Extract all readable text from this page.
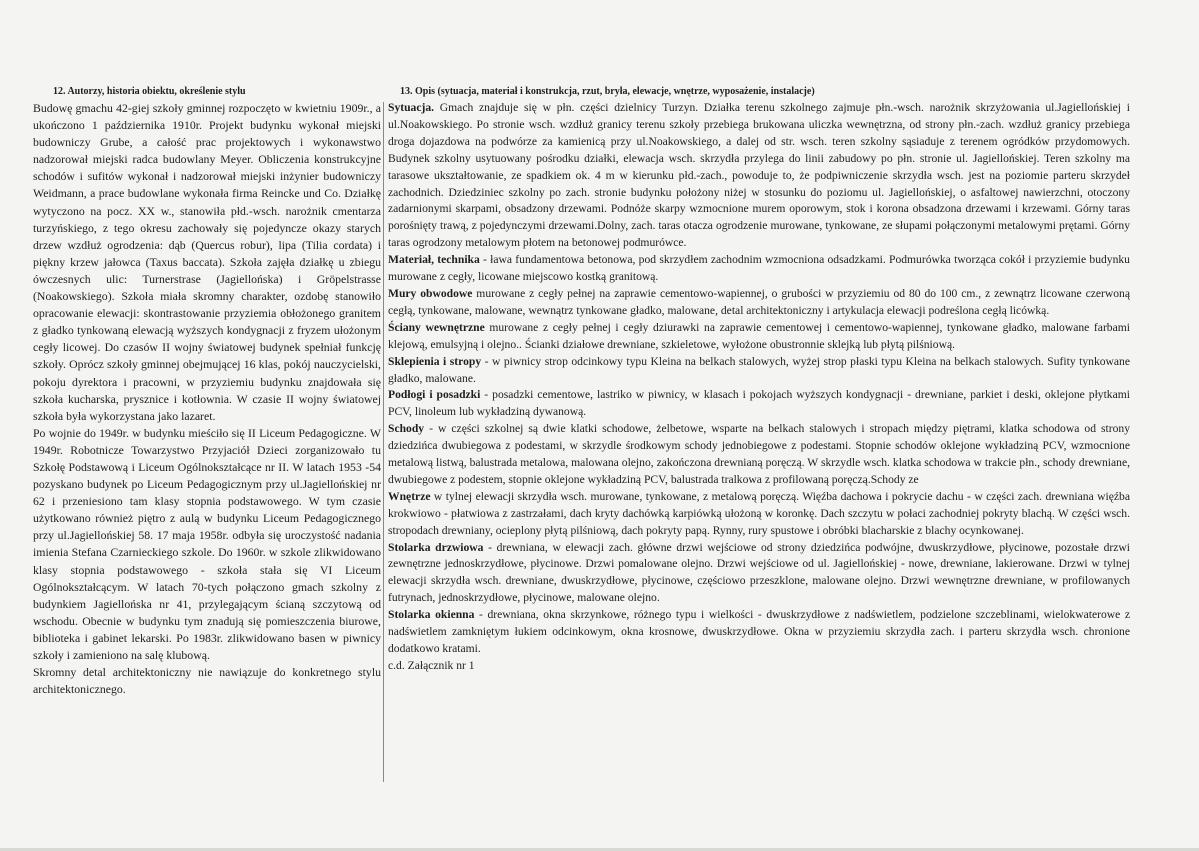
12. Autorzy, historia obiektu, określenie stylu

Budowę gmachu 42-giej szkoły gminnej rozpoczęto w kwietniu 1909r., a ukończono 1 października 1910r. Projekt budynku wykonał miejski budowniczy Grube, a całość prac projektowych i wykonawstwo nadzorował miejski radca budowlany Meyer. Obliczenia konstrukcyjne schodów i sufitów wykonał i nadzorował miejski inżynier budowniczy Weidmann, a prace budowlane wykonała firma Reincke und Co. Działkę wytyczono na pocz. XX w., stanowiła płd.-wsch. narożnik cmentarza turzyńskiego, z tego okresu zachowały się pojedyncze okazy starych drzew wzdłuż ogrodzenia: dąb (Quercus robur), lipa (Tilia cordata) i piękny krzew jałowca (Taxus baccata). Szkoła zajęła działkę u zbiegu ówczesnych ulic: Turnerstrase (Jagiellońska) i Gröpelstrasse (Noakowskiego). Szkoła miała skromny charakter, ozdobę stanowiło opracowanie elewacji: skontrastowanie przyziemia obłożonego granitem z gładko tynkowaną elewacją wyższych kondygnacji z fryzem ułożonym cegły licowej. Do czasów II wojny światowej budynek spełniał funkcję szkoły. Oprócz szkoły gminnej obejmującej 16 klas, pokój nauczycielski, pokoju dyrektora i pracowni, w przyziemiu budynku znajdowała się szkoła kucharska, prysznice i kotłownia. W czasie II wojny światowej szkoła była wykorzystana jako lazaret.

Po wojnie do 1949r. w budynku mieściło się II Liceum Pedagogiczne. W 1949r. Robotnicze Towarzystwo Przyjaciół Dzieci zorganizowało tu Szkołę Podstawową i Liceum Ogólnokształcące nr II. W latach 1953 -54 pozyskano budynek po Liceum Pedagogicznym przy ul.Jagiellońskiej nr 62 i przeniesiono tam klasy stopnia podstawowego. W tym czasie użytkowano również piętro z aulą w budynku Liceum Pedagogicznego przy ul.Jagiellońskiej 58. 17 maja 1958r. odbyła się uroczystość nadania imienia Stefana Czarnieckiego szkole. Do 1960r. w szkole zlikwidowano klasy stopnia podstawowego - szkoła stała się VI Liceum Ogólnokształcącym. W latach 70-tych połączono gmach szkolny z budynkiem Jagiellońska nr 41, przylegającym ścianą szczytową od wschodu. Obecnie w budynku tym znadują się pomieszczenia biurowe, biblioteka i gabinet lekarski. Po 1983r. zlikwidowano basen w piwnicy szkoły i zamieniono na salę klubową.

Skromny detal architektoniczny nie nawiązuje do konkretnego stylu architektonicznego.

13. Opis (sytuacja, materiał i konstrukcja, rzut, bryła, elewacje, wnętrze, wyposażenie, instalacje)

Sytuacja. Gmach znajduje się w płn. części dzielnicy Turzyn. Działka terenu szkolnego zajmuje płn.-wsch. narożnik skrzyżowania ul.Jagiellońskiej i ul.Noakowskiego. Po stronie wsch. wzdłuż granicy terenu szkoły przebiega brukowana uliczka wewnętrzna, od strony płn.-zach. wzdłuż granicy przebiega droga dojazdowa na podwórze za kamienicą przy ul.Noakowskiego, a dalej od str. wsch. teren szkolny sąsiaduje z terenem ogródków przydomowych. Budynek szkolny usytuowany pośrodku działki, elewacja wsch. skrzydła przylega do linii zabudowy po płn. stronie ul. Jagiellońskiej. Teren szkolny ma tarasowe ukształtowanie, ze spadkiem ok. 4 m w kierunku płd.-zach., powoduje to, że podpiwniczenie skrzydła wsch. jest na poziomie parteru skrzydeł zachodnich. Dziedziniec szkolny po zach. stronie budynku położony niżej w stosunku do poziomu ul. Jagiellońskiej, o asfaltowej nawierzchni, otoczony zadarnionymi skarpami, obsadzony drzewami. Podnóże skarpy wzmocnione murem oporowym, stok i korona obsadzona drzewami i krzewami. Górny taras porośnięty trawą, z pojedynczymi drzewami.Dolny, zach. taras otacza ogrodzenie murowane, tynkowane, ze słupami połączonymi metalowymi prętami. Górny taras ogrodzony metalowym płotem na betonowej podmurówce.

Materiał, technika - ława fundamentowa betonowa, pod skrzydłem zachodnim wzmocniona odsadzkami. Podmurówka tworząca cokół i przyziemie budynku murowane z cegły, licowane miejscowo kostką granitową.

Mury obwodowe murowane z cegły pełnej na zaprawie cementowo-wapiennej, o grubości w przyziemiu od 80 do 100 cm., z zewnątrz licowane czerwoną cegłą, tynkowane, malowane, wewnątrz tynkowane gładko, malowane, detal architektoniczny i artykulacja elewacji podreślona cegłą licówką.

Ściany wewnętrzne murowane z cegły pełnej i cegły dziurawki na zaprawie cementowej i cementowo-wapiennej, tynkowane gładko, malowane farbami klejową, emulsyjną i olejno.. Ścianki działowe drewniane, szkieletowe, wyłożone obustronnie sklejką lub płytą pilśniową.

Sklepienia i stropy - w piwnicy strop odcinkowy typu Kleina na belkach stalowych, wyżej strop płaski typu Kleina na belkach stalowych. Sufity tynkowane gładko, malowane.

Podłogi i posadzki - posadzki cementowe, lastriko w piwnicy, w klasach i pokojach wyższych kondygnacji - drewniane, parkiet i deski, oklejone płytkami PCV, linoleum lub wykładziną dywanową.

Schody - w części szkolnej są dwie klatki schodowe, żelbetowe, wsparte na belkach stalowych i stropach między piętrami, klatka schodowa od strony dziedzińca dwubiegowa z podestami, w skrzydle środkowym schody jednobiegowe z podestami. Stopnie schodów oklejone wykładziną PCV, wzmocnione metalową listwą, balustrada metalowa, malowana olejno, zakończona drewnianą poręczą. W skrzydle wsch. klatka schodowa w trakcie płn., schody drewniane, dwubiegowe z podestem, stopnie oklejone wykładziną PCV, balustrada tralkowa z profilowaną poręczą.Schody ze

Wnętrze w tylnej elewacji skrzydła wsch. murowane, tynkowane, z metalową poręczą. Więźba dachowa i pokrycie dachu - w części zach. drewniana więźba krokwiowo - płatwiowa z zastrzałami, dach kryty dachówką karpiówką ułożoną w koronkę. Dach szczytu w połaci zachodniej pokryty blachą. W części wsch. stropodach drewniany, ocieplony płytą pilśniową, dach pokryty papą. Rynny, rury spustowe i obróbki blacharskie z blachy ocynkowanej.

Stolarka drzwiowa - drewniana, w elewacji zach. główne drzwi wejściowe od strony dziedzińca podwójne, dwuskrzydłowe, płycinowe, pozostałe drzwi zewnętrzne jednoskrzydłowe, płycinowe. Drzwi pomalowane olejno. Drzwi wejściowe od ul. Jagiellońskiej - nowe, drewniane, lakierowane. Drzwi w tylnej elewacji skrzydła wsch. drewniane, dwuskrzydłowe, płycinowe, częściowo przeszklone, malowane olejno. Drzwi wewnętrzne drewniane, w profilowanych futrynach, jednoskrzydłowe, płycinowe, malowane olejno.

Stolarka okienna - drewniana, okna skrzynkowe, różnego typu i wielkości - dwuskrzydłowe z nadświetlem, podzielone szczeblinami, wielokwaterowe z nadświetlem zamkniętym łukiem odcinkowym, okna krosnowe, dwuskrzydłowe. Okna w przyziemiu skrzydła zach. i parteru skrzydła wsch. chronione dodatkowo kratami.

c.d. Załącznik nr 1
